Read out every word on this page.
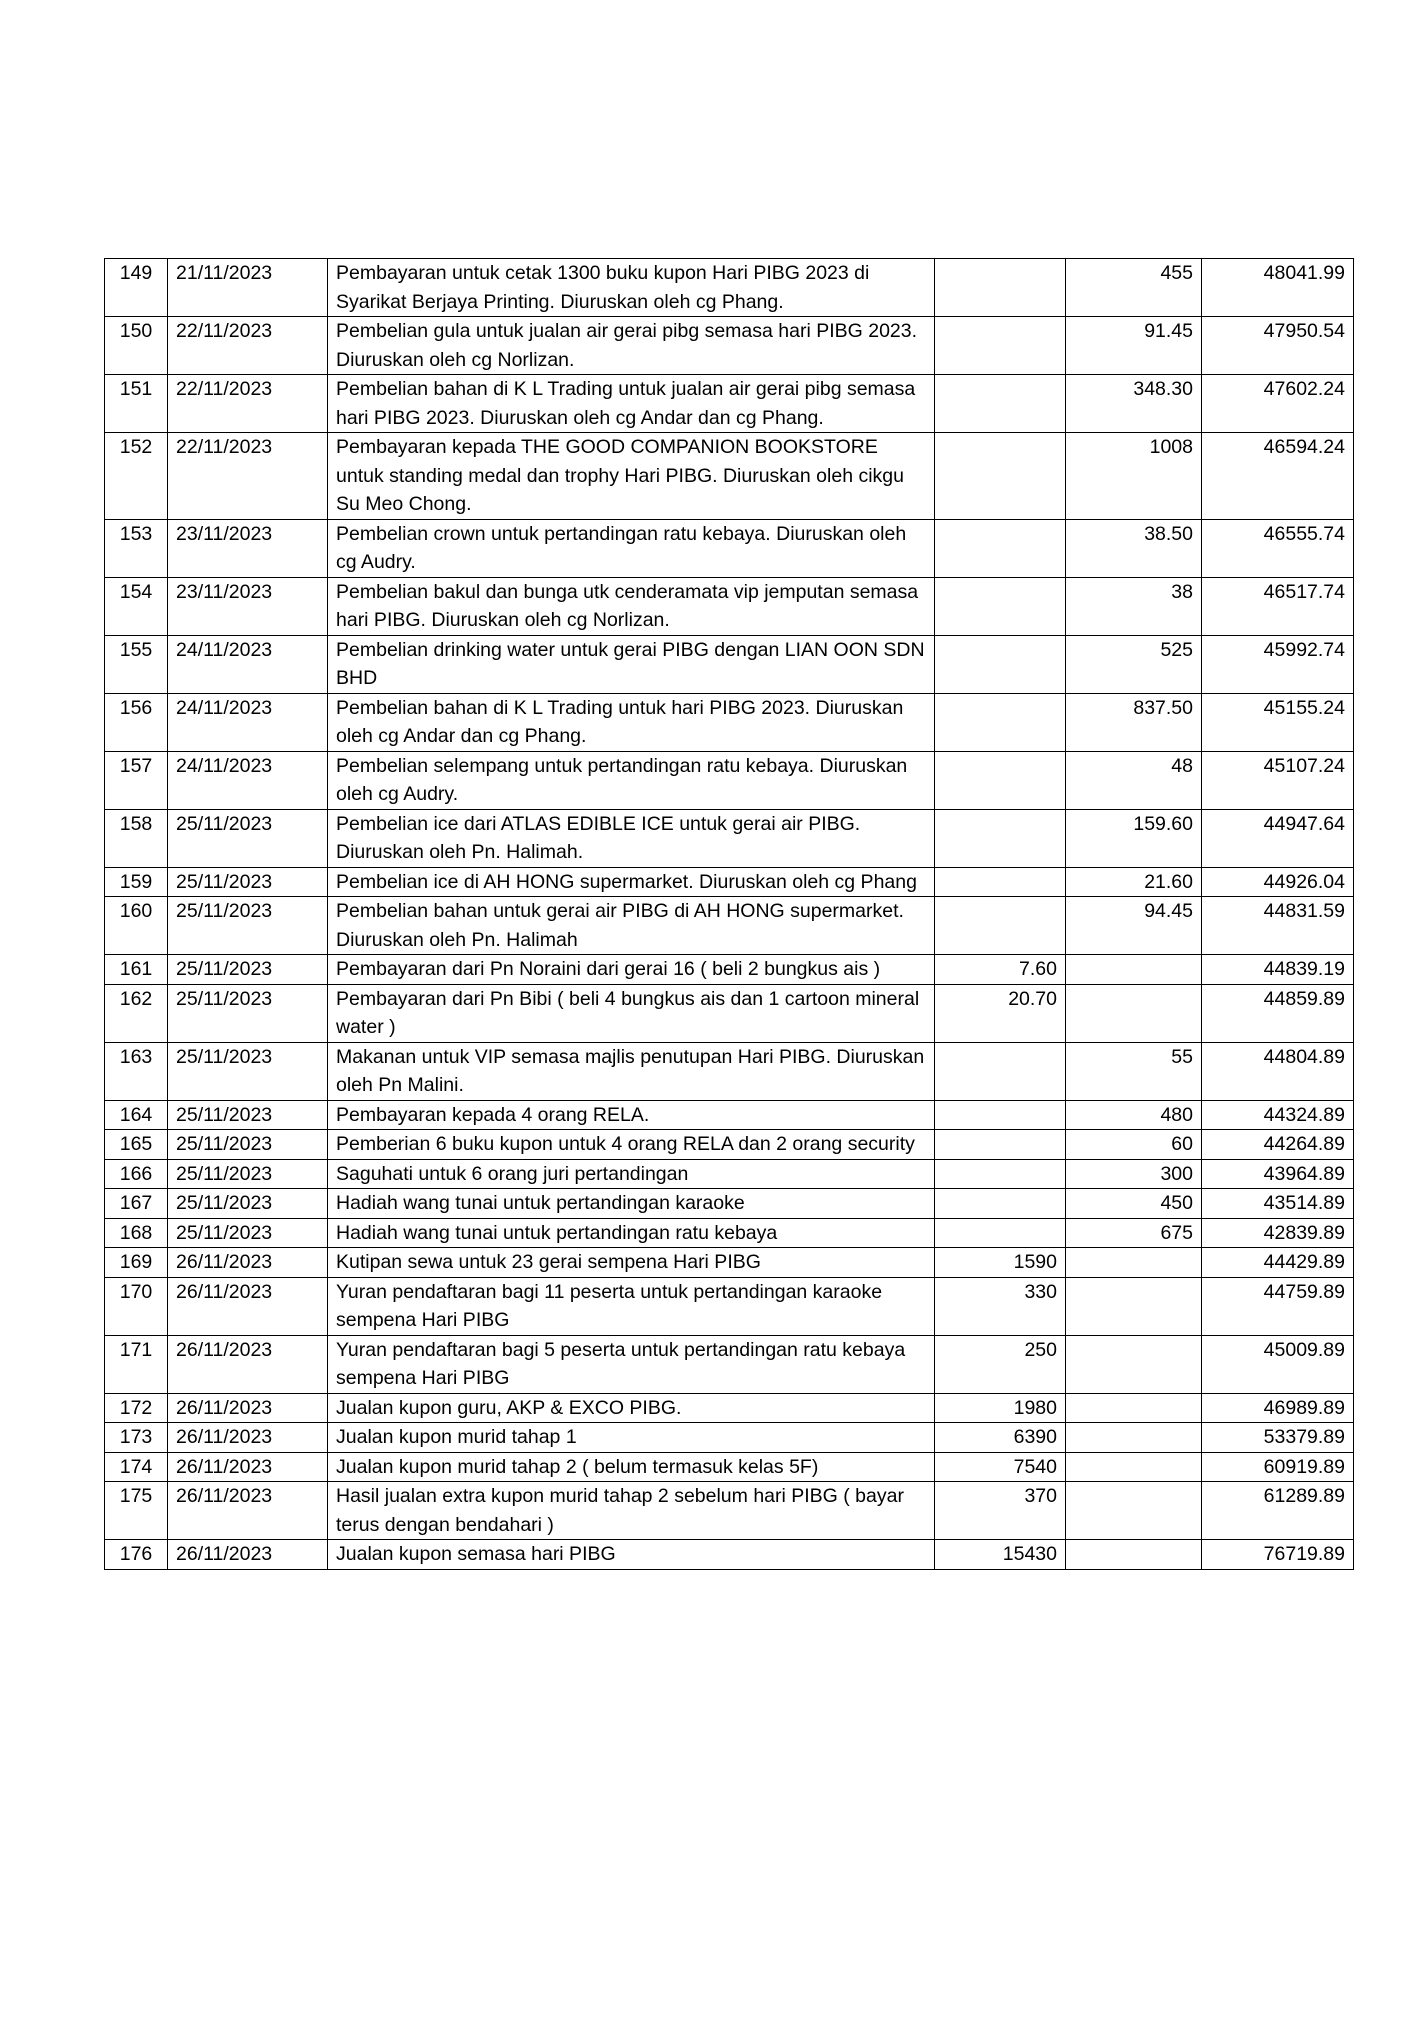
149	21/11/2023	Pembayaran untuk cetak 1300 buku kupon Hari PIBG 2023 di Syarikat Berjaya Printing. Diuruskan oleh cg Phang.		455	48041.99
150	22/11/2023	Pembelian gula untuk jualan air gerai pibg semasa hari PIBG 2023. Diuruskan oleh cg Norlizan.		91.45	47950.54
151	22/11/2023	Pembelian bahan di K L Trading untuk jualan air gerai pibg semasa hari PIBG 2023. Diuruskan oleh cg Andar dan cg Phang.		348.30	47602.24
152	22/11/2023	Pembayaran kepada THE GOOD COMPANION BOOKSTORE untuk standing medal dan trophy Hari PIBG. Diuruskan oleh cikgu Su Meo Chong.		1008	46594.24
153	23/11/2023	Pembelian crown untuk pertandingan ratu kebaya. Diuruskan oleh cg Audry.		38.50	46555.74
154	23/11/2023	Pembelian bakul dan bunga utk cenderamata vip jemputan semasa hari PIBG. Diuruskan oleh cg Norlizan.		38	46517.74
155	24/11/2023	Pembelian drinking water untuk gerai PIBG dengan LIAN OON SDN BHD		525	45992.74
156	24/11/2023	Pembelian bahan di K L Trading untuk hari PIBG 2023. Diuruskan oleh cg Andar dan cg Phang.		837.50	45155.24
157	24/11/2023	Pembelian selempang untuk pertandingan ratu kebaya. Diuruskan oleh cg Audry.		48	45107.24
158	25/11/2023	Pembelian ice dari ATLAS EDIBLE ICE untuk gerai air PIBG. Diuruskan oleh Pn. Halimah.		159.60	44947.64
159	25/11/2023	Pembelian ice di AH HONG supermarket. Diuruskan oleh cg Phang		21.60	44926.04
160	25/11/2023	Pembelian bahan untuk gerai air PIBG di AH HONG supermarket. Diuruskan oleh Pn. Halimah		94.45	44831.59
161	25/11/2023	Pembayaran dari Pn Noraini dari gerai 16 ( beli 2 bungkus ais )	7.60		44839.19
162	25/11/2023	Pembayaran dari Pn Bibi ( beli 4 bungkus ais dan 1 cartoon mineral water )	20.70		44859.89
163	25/11/2023	Makanan untuk VIP semasa majlis penutupan Hari PIBG. Diuruskan oleh Pn Malini.		55	44804.89
164	25/11/2023	Pembayaran kepada 4 orang RELA.		480	44324.89
165	25/11/2023	Pemberian 6 buku kupon untuk 4 orang RELA dan 2 orang security		60	44264.89
166	25/11/2023	Saguhati untuk 6 orang juri pertandingan		300	43964.89
167	25/11/2023	Hadiah wang tunai untuk pertandingan karaoke		450	43514.89
168	25/11/2023	Hadiah wang tunai untuk pertandingan ratu kebaya		675	42839.89
169	26/11/2023	Kutipan sewa untuk 23 gerai sempena Hari PIBG	1590		44429.89
170	26/11/2023	Yuran pendaftaran bagi 11 peserta untuk pertandingan karaoke sempena Hari PIBG	330		44759.89
171	26/11/2023	Yuran pendaftaran bagi 5 peserta untuk pertandingan ratu kebaya sempena Hari PIBG	250		45009.89
172	26/11/2023	Jualan kupon guru, AKP & EXCO PIBG.	1980		46989.89
173	26/11/2023	Jualan kupon murid tahap 1	6390		53379.89
174	26/11/2023	Jualan kupon murid tahap 2 ( belum termasuk kelas 5F)	7540		60919.89
175	26/11/2023	Hasil jualan extra kupon murid tahap 2 sebelum hari PIBG ( bayar terus dengan bendahari )	370		61289.89
176	26/11/2023	Jualan kupon semasa hari PIBG	15430		76719.89
